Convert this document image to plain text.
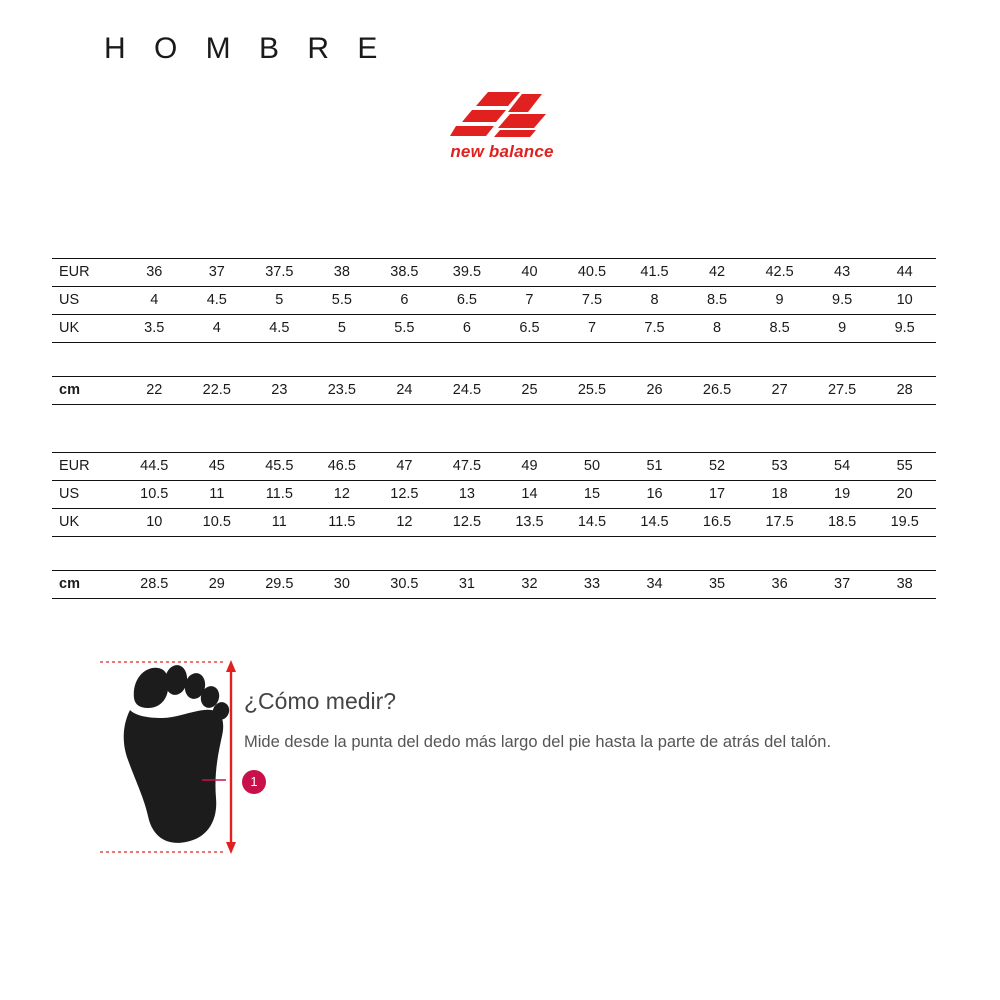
H O M B R E
new balance
EUR	36	37	37.5	38	38.5	39.5	40	40.5	41.5	42	42.5	43	44
US	4	4.5	5	5.5	6	6.5	7	7.5	8	8.5	9	9.5	10
UK	3.5	4	4.5	5	5.5	6	6.5	7	7.5	8	8.5	9	9.5
cm	22	22.5	23	23.5	24	24.5	25	25.5	26	26.5	27	27.5	28
EUR	44.5	45	45.5	46.5	47	47.5	49	50	51	52	53	54	55
US	10.5	11	11.5	12	12.5	13	14	15	16	17	18	19	20
UK	10	10.5	11	11.5	12	12.5	13.5	14.5	14.5	16.5	17.5	18.5	19.5
cm	28.5	29	29.5	30	30.5	31	32	33	34	35	36	37	38
1
¿Cómo medir?
Mide desde la punta del dedo más largo del pie hasta la parte de atrás del talón.
